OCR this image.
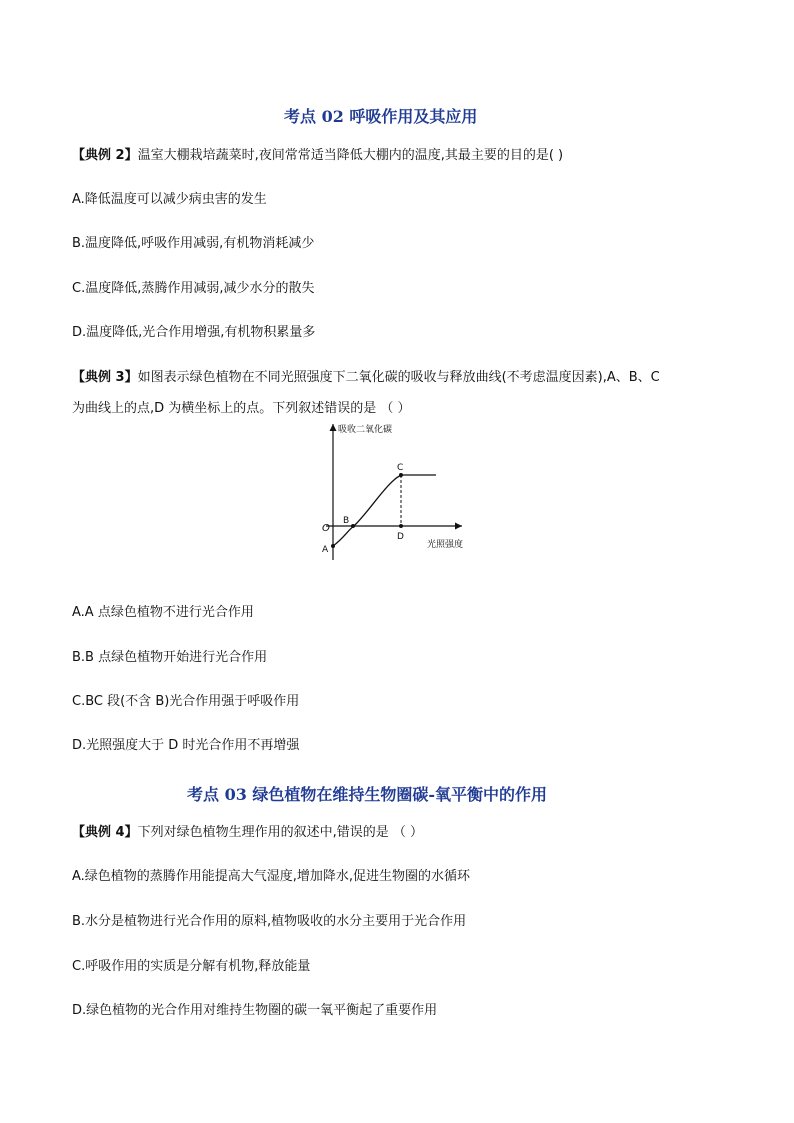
考点 02 呼吸作用及其应用
【典例 2】温室大棚栽培蔬菜时,夜间常常适当降低大棚内的温度,其最主要的目的是( )
A.降低温度可以减少病虫害的发生
B.温度降低,呼吸作用减弱,有机物消耗减少
C.温度降低,蒸腾作用减弱,减少水分的散失
D.温度降低,光合作用增强,有机物积累量多
【典例 3】如图表示绿色植物在不同光照强度下二氧化碳的吸收与释放曲线(不考虑温度因素),A、B、C
为曲线上的点,D 为横坐标上的点。下列叙述错误的是 （ ）
吸收二氧化碳
光照强度
O
A
B
C
D
A.A 点绿色植物不进行光合作用
B.B 点绿色植物开始进行光合作用
C.BC 段(不含 B)光合作用强于呼吸作用
D.光照强度大于 D 时光合作用不再增强
考点 03 绿色植物在维持生物圈碳-氧平衡中的作用
【典例 4】下列对绿色植物生理作用的叙述中,错误的是 （ ）
A.绿色植物的蒸腾作用能提高大气湿度,增加降水,促进生物圈的水循环
B.水分是植物进行光合作用的原料,植物吸收的水分主要用于光合作用
C.呼吸作用的实质是分解有机物,释放能量
D.绿色植物的光合作用对维持生物圈的碳一氧平衡起了重要作用
